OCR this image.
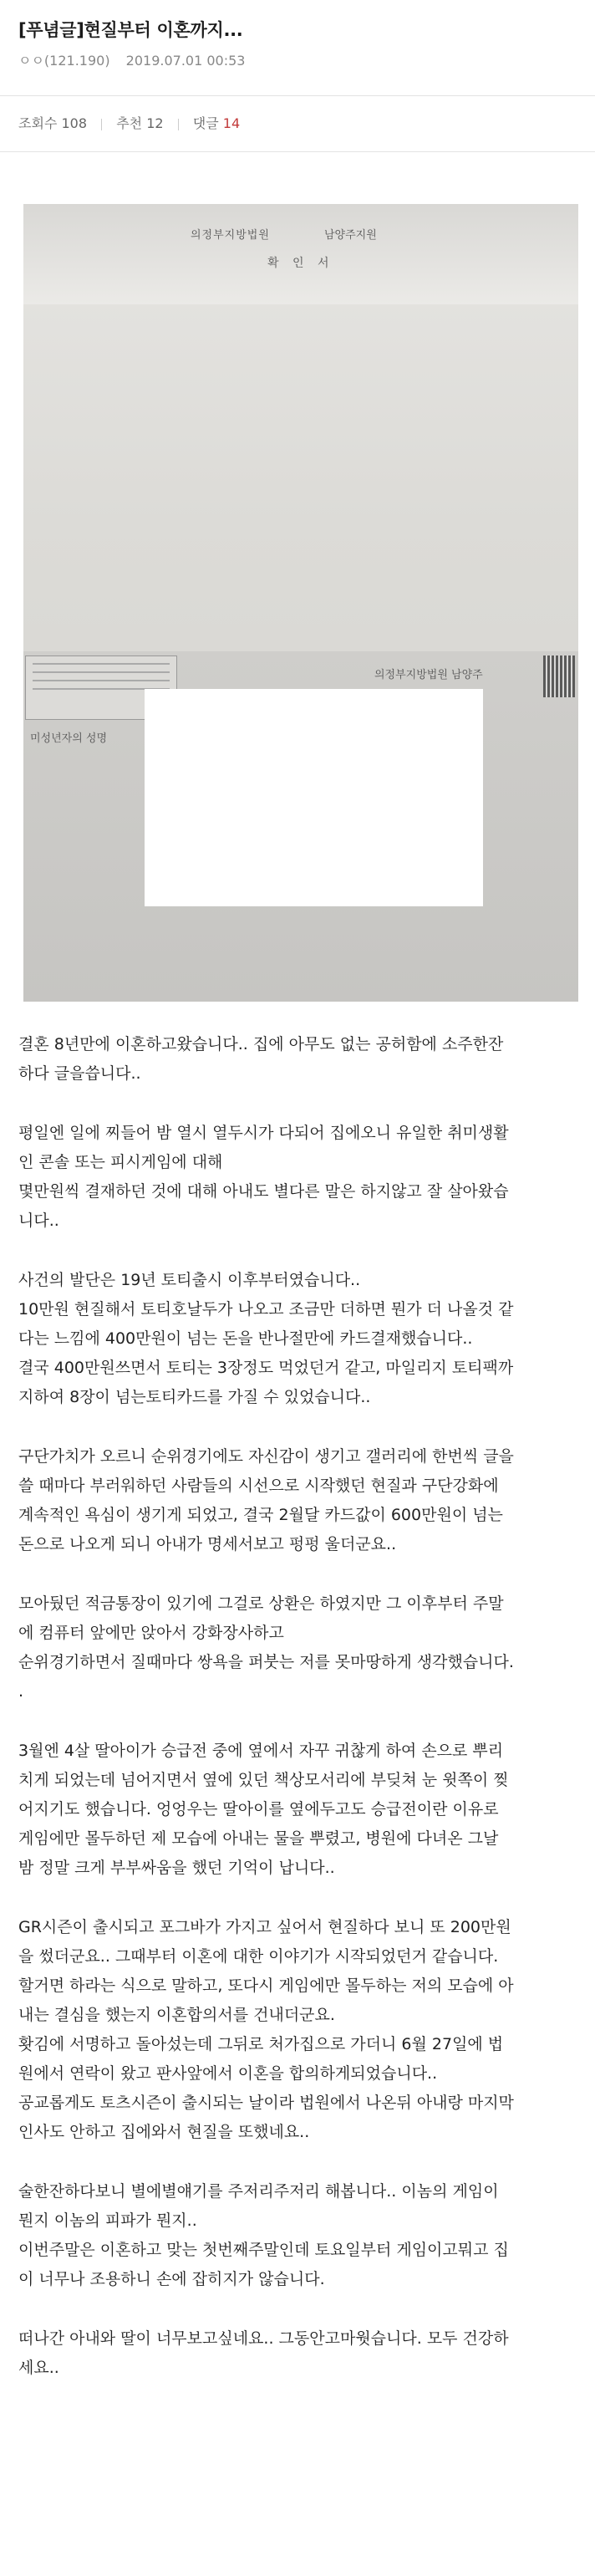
[푸념글]현질부터 이혼까지...
ㅇㅇ(121.190) 2019.07.01 00:53
조회수 108 추천 12 댓글 14
의정부지방법원	남양주지원
확 인 서
미성년자의 성명
의정부지방법원 남양주

결혼 8년만에 이혼하고왔습니다.. 집에 아무도 없는 공허함에 소주한잔

하다 글을씁니다..

평일엔 일에 찌들어 밤 열시 열두시가 다되어 집에오니 유일한 취미생활

인 콘솔 또는 피시게임에 대해

몇만원씩 결재하던 것에 대해 아내도 별다른 말은 하지않고 잘 살아왔습

니다..

사건의 발단은 19년 토티출시 이후부터였습니다..

10만원 현질해서 토티호날두가 나오고 조금만 더하면 뭔가 더 나올것 같

다는 느낌에 400만원이 넘는 돈을 반나절만에 카드결재했습니다..

결국 400만원쓰면서 토티는 3장정도 먹었던거 같고, 마일리지 토티팩까

지하여 8장이 넘는토티카드를 가질 수 있었습니다..

구단가치가 오르니 순위경기에도 자신감이 생기고 갤러리에 한번씩 글을

쓸 때마다 부러워하던 사람들의 시선으로 시작했던 현질과 구단강화에

계속적인 욕심이 생기게 되었고, 결국 2월달 카드값이 600만원이 넘는

돈으로 나오게 되니 아내가 명세서보고 펑펑 울더군요..

모아뒀던 적금통장이 있기에 그걸로 상환은 하였지만 그 이후부터 주말

에 컴퓨터 앞에만 앉아서 강화장사하고

순위경기하면서 질때마다 쌍욕을 퍼붓는 저를 못마땅하게 생각했습니다.

.

3월엔 4살 딸아이가 승급전 중에 옆에서 자꾸 귀찮게 하여 손으로 뿌리

치게 되었는데 넘어지면서 옆에 있던 책상모서리에 부딪쳐 눈 윗쪽이 찢

어지기도 했습니다. 엉엉우는 딸아이를 옆에두고도 승급전이란 이유로

게임에만 몰두하던 제 모습에 아내는 물을 뿌렸고, 병원에 다녀온 그날

밤 정말 크게 부부싸움을 했던 기억이 납니다..

GR시즌이 출시되고 포그바가 가지고 싶어서 현질하다 보니 또 200만원

을 썼더군요.. 그때부터 이혼에 대한 이야기가 시작되었던거 같습니다.

할거면 하라는 식으로 말하고, 또다시 게임에만 몰두하는 저의 모습에 아

내는 결심을 했는지 이혼합의서를 건내더군요.

홧김에 서명하고 돌아섰는데 그뒤로 처가집으로 가더니 6월 27일에 법

원에서 연락이 왔고 판사앞에서 이혼을 합의하게되었습니다..

공교롭게도 토츠시즌이 출시되는 날이라 법원에서 나온뒤 아내랑 마지막

인사도 안하고 집에와서 현질을 또했네요..

술한잔하다보니 별에별얘기를 주저리주저리 해봅니다.. 이놈의 게임이

뭔지 이놈의 피파가 뭔지..

이번주말은 이혼하고 맞는 첫번째주말인데 토요일부터 게임이고뭐고 집

이 너무나 조용하니 손에 잡히지가 않습니다.

떠나간 아내와 딸이 너무보고싶네요.. 그동안고마웟습니다. 모두 건강하

세요..
